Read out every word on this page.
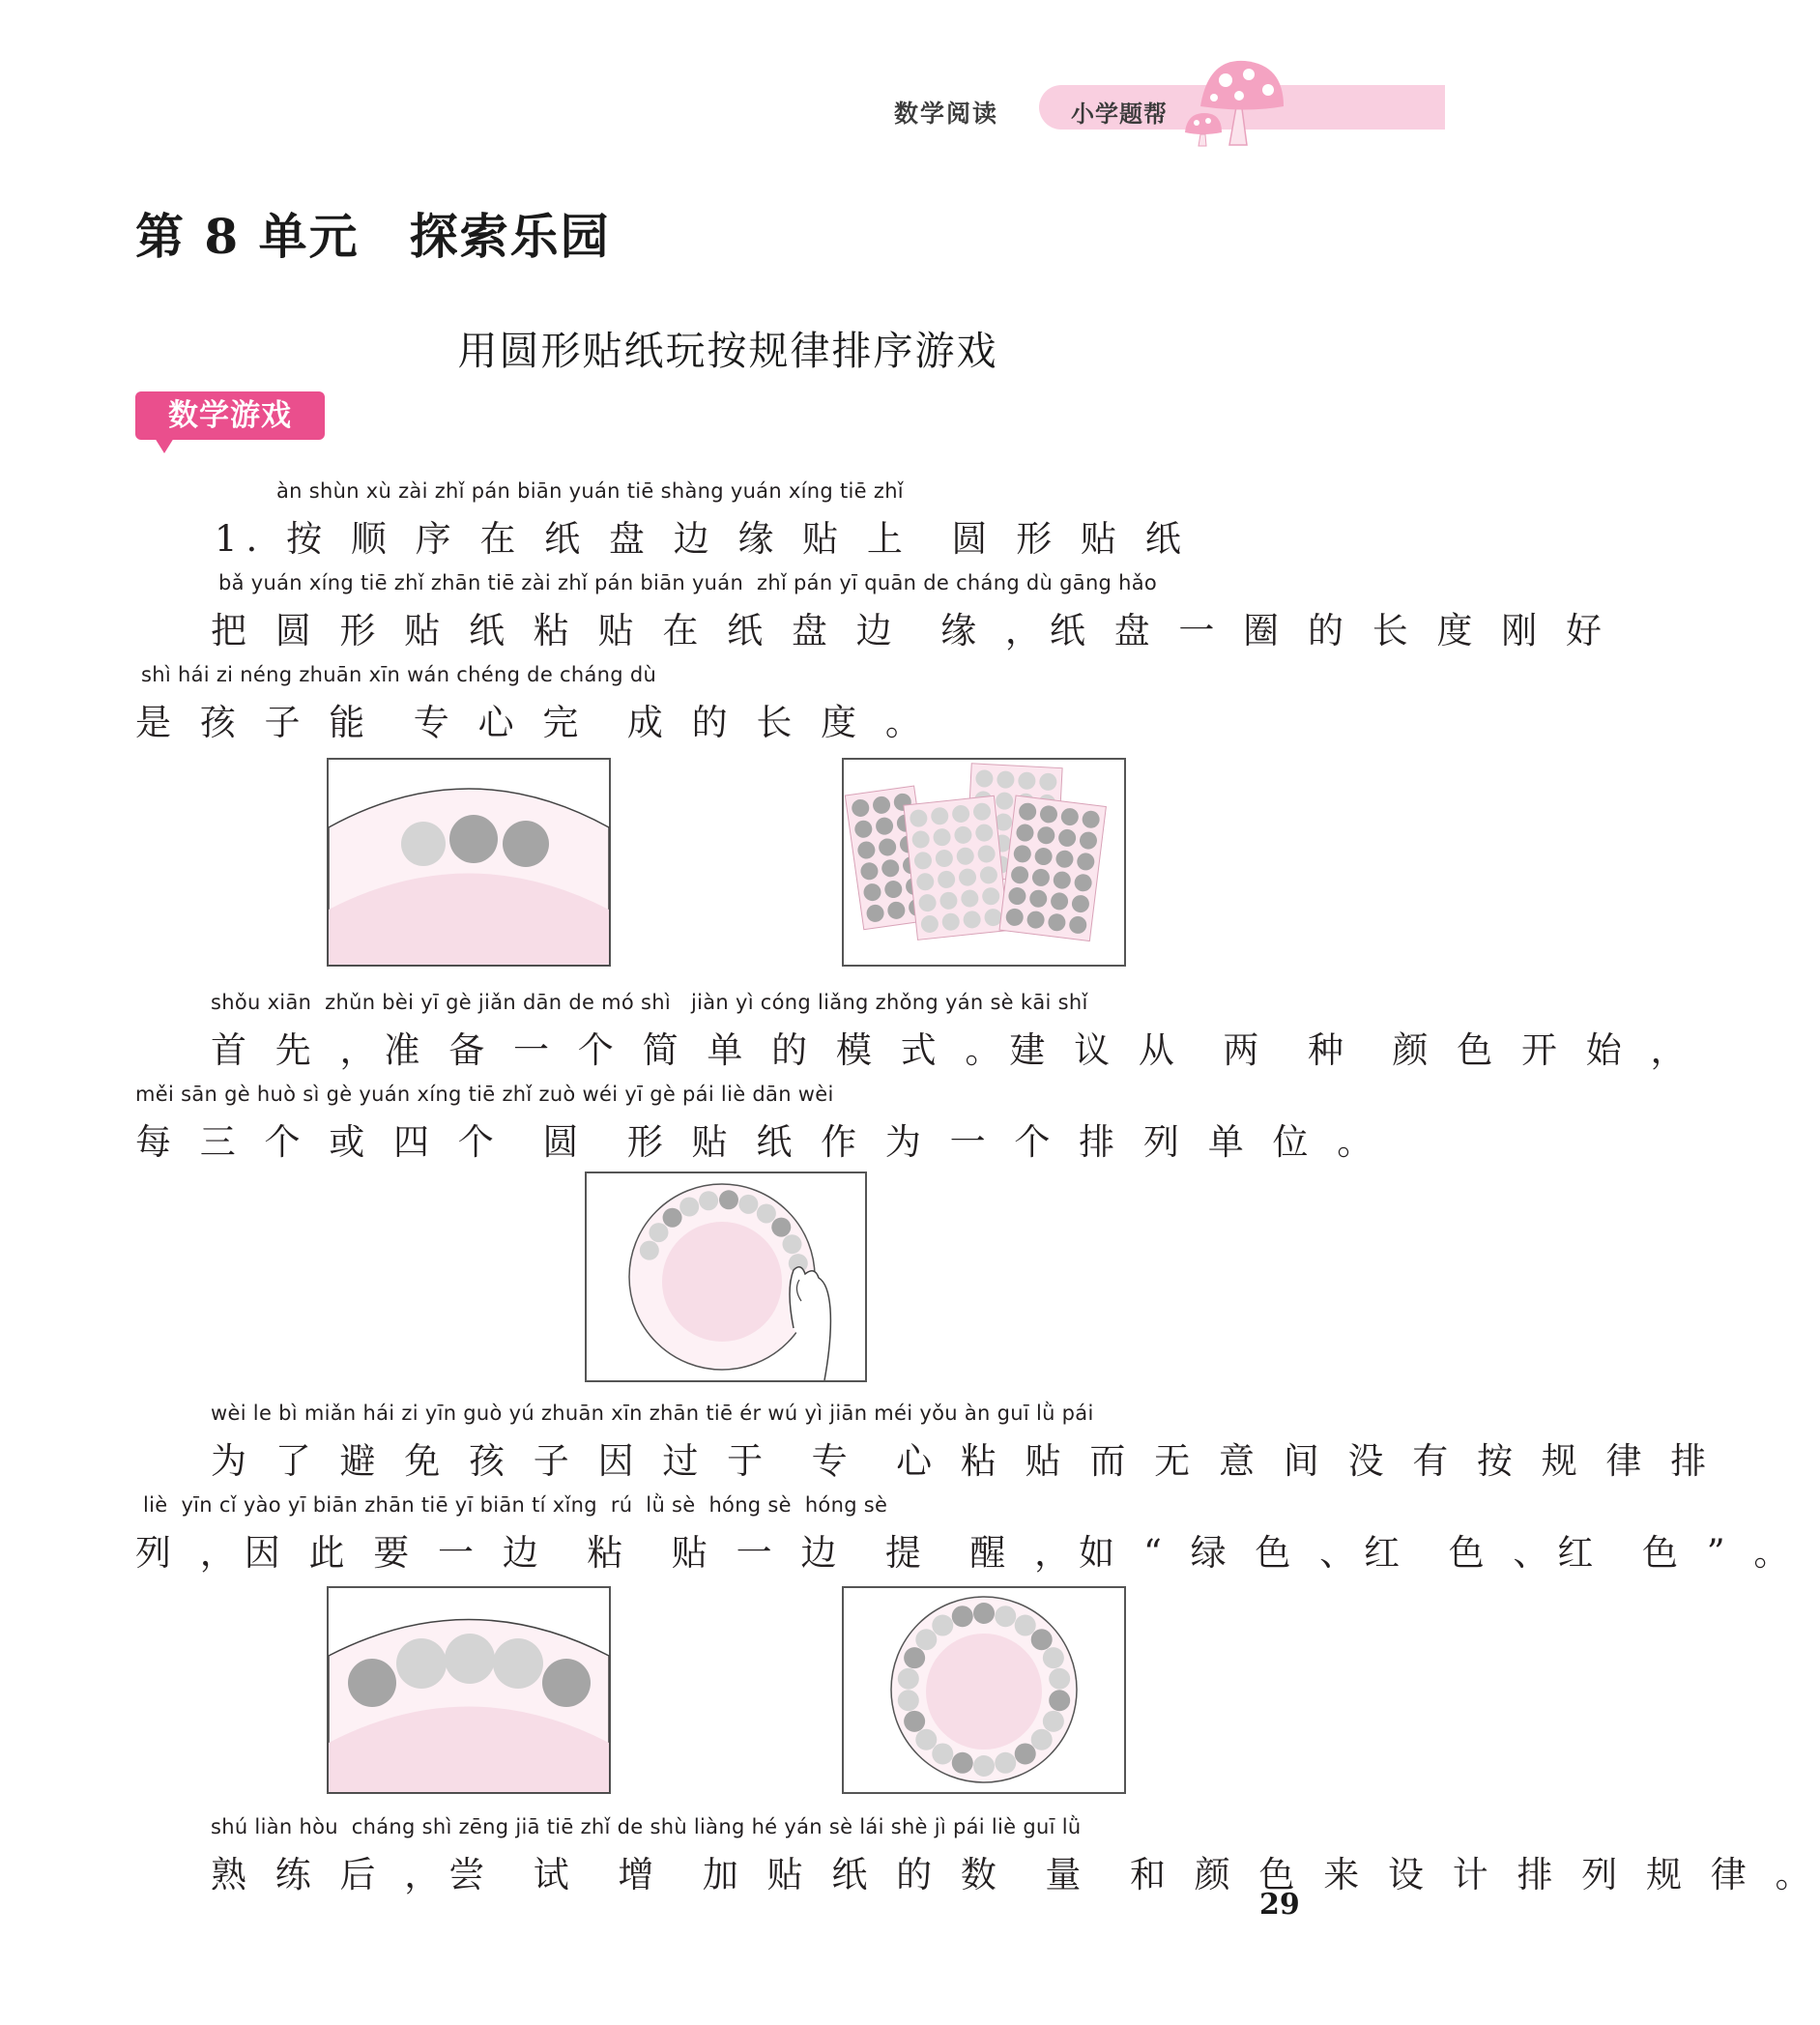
数学阅读	小学题帮
第 8 单元　探索乐园
用圆形贴纸玩按规律排序游戏
数学游戏
àn shùn xù zài zhǐ pán biān yuán tiē shàng yuán xíng tiē zhǐ
1. 按 顺 序 在 纸 盘 边 缘 贴 上  圆 形 贴 纸
bǎ yuán xíng tiē zhǐ zhān tiē zài zhǐ pán biān yuán  zhǐ pán yī quān de cháng dù gāng hǎo
把 圆 形 贴 纸 粘 贴 在 纸 盘 边  缘 ，纸 盘 一 圈 的 长 度 刚 好
shì hái zi néng zhuān xīn wán chéng de cháng dù
是 孩 子 能  专 心 完  成 的 长 度 。
shǒu xiān  zhǔn bèi yī gè jiǎn dān de mó shì   jiàn yì cóng liǎng zhǒng yán sè kāi shǐ
首 先 ，准 备 一 个 简 单 的 模 式 。建 议 从  两  种  颜 色 开 始 ，
měi sān gè huò sì gè yuán xíng tiē zhǐ zuò wéi yī gè pái liè dān wèi
每 三 个 或 四 个  圆  形 贴 纸 作 为 一 个 排 列 单 位 。
wèi le bì miǎn hái zi yīn guò yú zhuān xīn zhān tiē ér wú yì jiān méi yǒu àn guī lǜ pái
为 了 避 免 孩 子 因 过 于  专  心 粘 贴 而 无 意 间 没 有 按 规 律 排
liè  yīn cǐ yào yī biān zhān tiē yī biān tí xǐng  rú  lǜ sè  hóng sè  hóng sè
列 ，因 此 要 一 边  粘  贴 一 边  提  醒 ，如 “ 绿 色 、红  色 、红  色 ” 。
shú liàn hòu  cháng shì zēng jiā tiē zhǐ de shù liàng hé yán sè lái shè jì pái liè guī lǜ
熟 练 后 ，尝  试  增  加 贴 纸 的 数  量  和 颜 色 来 设 计 排 列 规 律 。
29
